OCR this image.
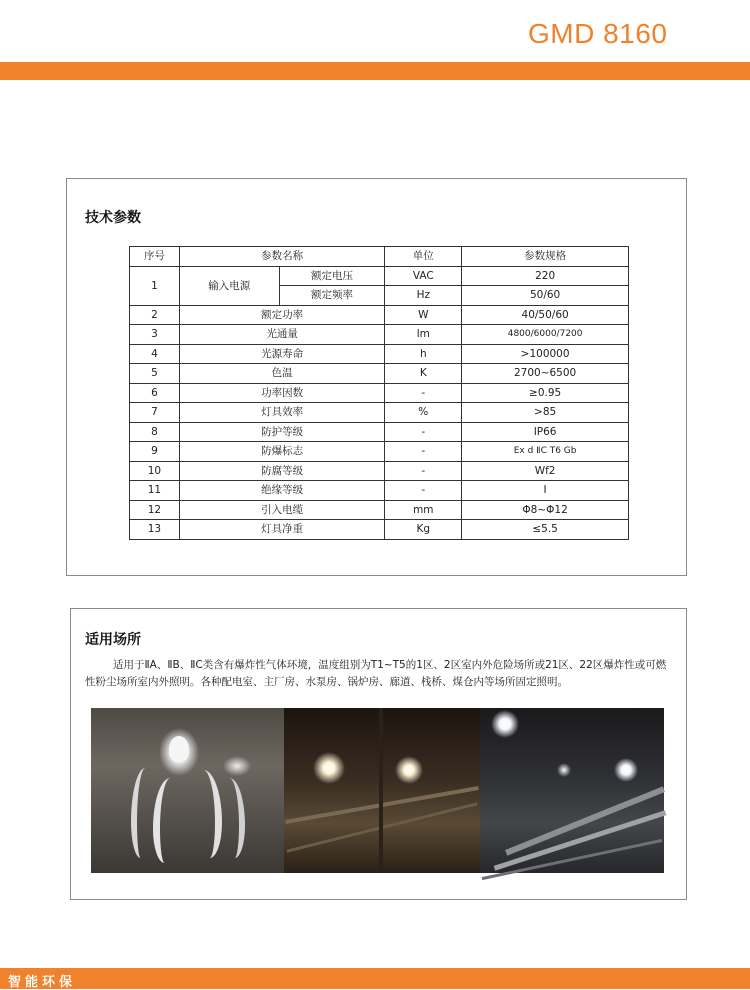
GMD 8160
技术参数
序号	参数名称		单位	参数规格
1	输入电源	额定电压	VAC	220
		额定频率	Hz	50/60
2	额定功率		W	40/50/60
3	光通量		lm	4800/6000/7200
4	光源寿命		h	>100000
5	色温		K	2700~6500
6	功率因数		-	≥0.95
7	灯具效率		%	>85
8	防护等级		-	IP66
9	防爆标志		-	Ex d ⅡC T6 Gb
10	防腐等级		-	Wf2
11	绝缘等级		-	I
12	引入电缆		mm	Φ8~Φ12
13	灯具净重		Kg	≤5.5
适用场所

适用于ⅡA、ⅡB、ⅡC类含有爆炸性气体环境，温度组别为T1~T5的1区、2区室内外危险场所或21区、22区爆炸性或可燃性粉尘场所室内外照明。各种配电室、主厂房、水泵房、锅炉房、廊道、栈桥、煤仓内等场所固定照明。

智能环保
